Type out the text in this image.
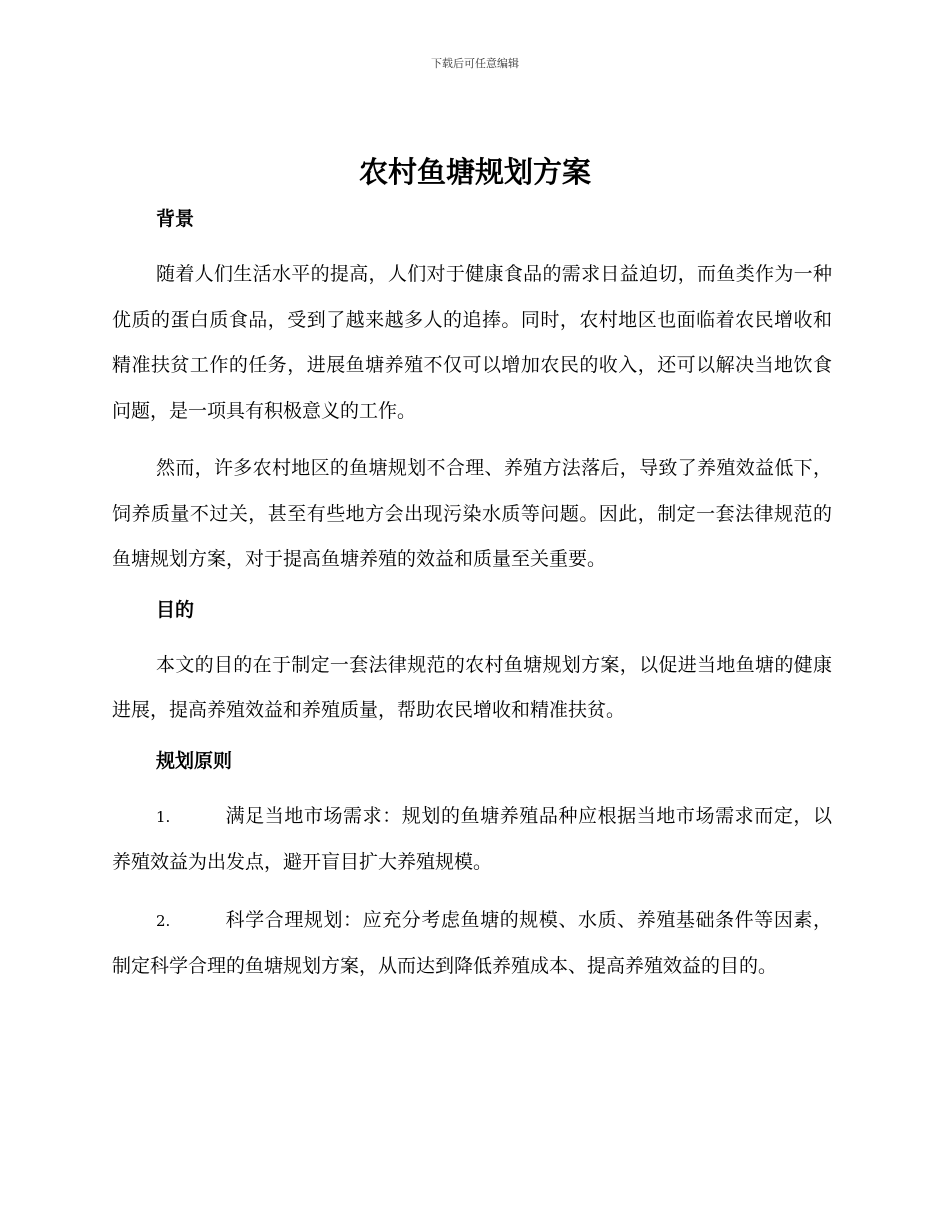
下载后可任意编辑
农村鱼塘规划方案
背景

随着人们生活水平的提高，人们对于健康食品的需求日益迫切，而鱼类作为一种优质的蛋白质食品，受到了越来越多人的追捧。同时，农村地区也面临着农民增收和精准扶贫工作的任务，进展鱼塘养殖不仅可以增加农民的收入，还可以解决当地饮食问题，是一项具有积极意义的工作。

然而，许多农村地区的鱼塘规划不合理、养殖方法落后，导致了养殖效益低下，饲养质量不过关，甚至有些地方会出现污染水质等问题。因此，制定一套法律规范的鱼塘规划方案，对于提高鱼塘养殖的效益和质量至关重要。

目的

本文的目的在于制定一套法律规范的农村鱼塘规划方案，以促进当地鱼塘的健康进展，提高养殖效益和养殖质量，帮助农民增收和精准扶贫。

规划原则

1.	满足当地市场需求：规划的鱼塘养殖品种应根据当地市场需求而定，以养殖效益为出发点，避开盲目扩大养殖规模。

2.	科学合理规划：应充分考虑鱼塘的规模、水质、养殖基础条件等因素，制定科学合理的鱼塘规划方案，从而达到降低养殖成本、提高养殖效益的目的。
